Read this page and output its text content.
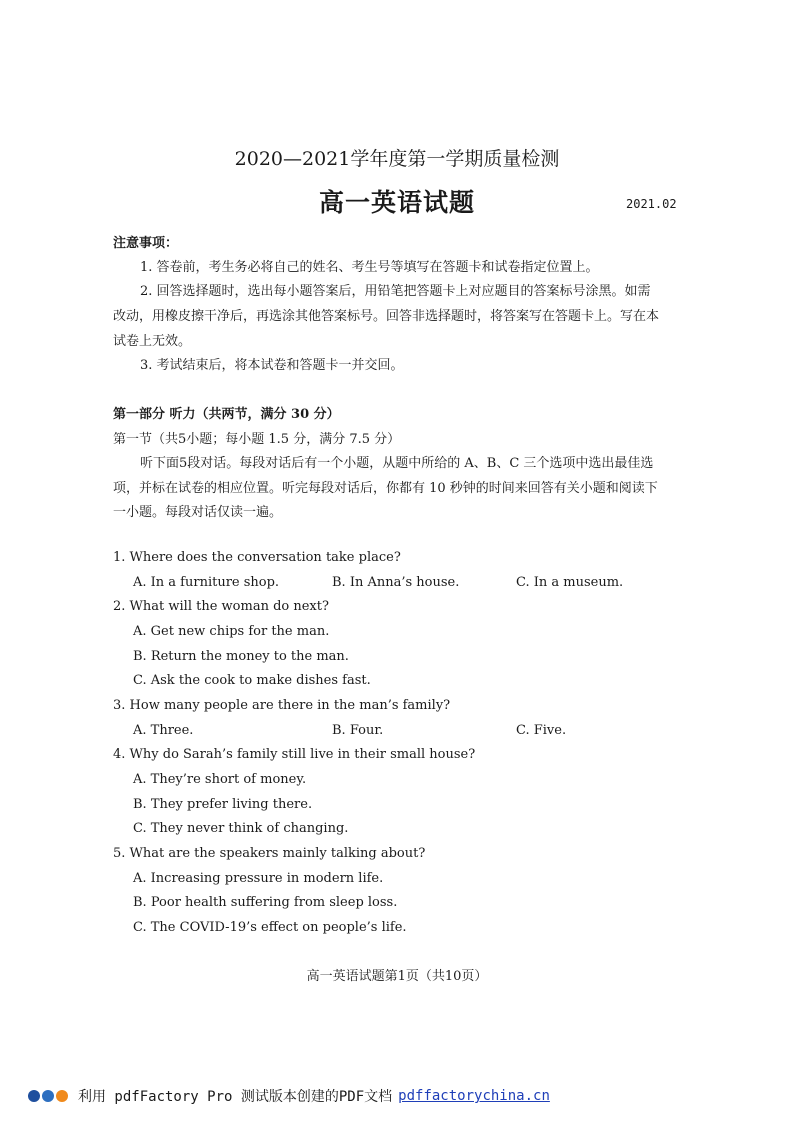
2020—2021学年度第一学期质量检测
高一英语试题	2021.02
注意事项：
1. 答卷前，考生务必将自己的姓名、考生号等填写在答题卡和试卷指定位置上。
2. 回答选择题时，选出每小题答案后，用铅笔把答题卡上对应题目的答案标号涂黑。如需
改动，用橡皮擦干净后，再选涂其他答案标号。回答非选择题时，将答案写在答题卡上。写在本
试卷上无效。
3. 考试结束后，将本试卷和答题卡一并交回。
第一部分 听力（共两节，满分 30 分）
第一节（共5小题；每小题 1.5 分，满分 7.5 分）
听下面5段对话。每段对话后有一个小题，从题中所给的 A、B、C 三个选项中选出最佳选
项，并标在试卷的相应位置。听完每段对话后，你都有 10 秒钟的时间来回答有关小题和阅读下
一小题。每段对话仅读一遍。
1. Where does the conversation take place?
A. In a furniture shop.	B. In Anna’s house.	C. In a museum.
2. What will the woman do next?
A. Get new chips for the man.
B. Return the money to the man.
C. Ask the cook to make dishes fast.
3. How many people are there in the man’s family?
A. Three.	B. Four.	C. Five.
4. Why do Sarah’s family still live in their small house?
A. They’re short of money.
B. They prefer living there.
C. They never think of changing.
5. What are the speakers mainly talking about?
A. Increasing pressure in modern life.
B. Poor health suffering from sleep loss.
C. The COVID-19’s effect on people’s life.
高一英语试题第1页（共10页）
利用 pdfFactory Pro 测试版本创建的PDF文档 pdffactorychina.cn
